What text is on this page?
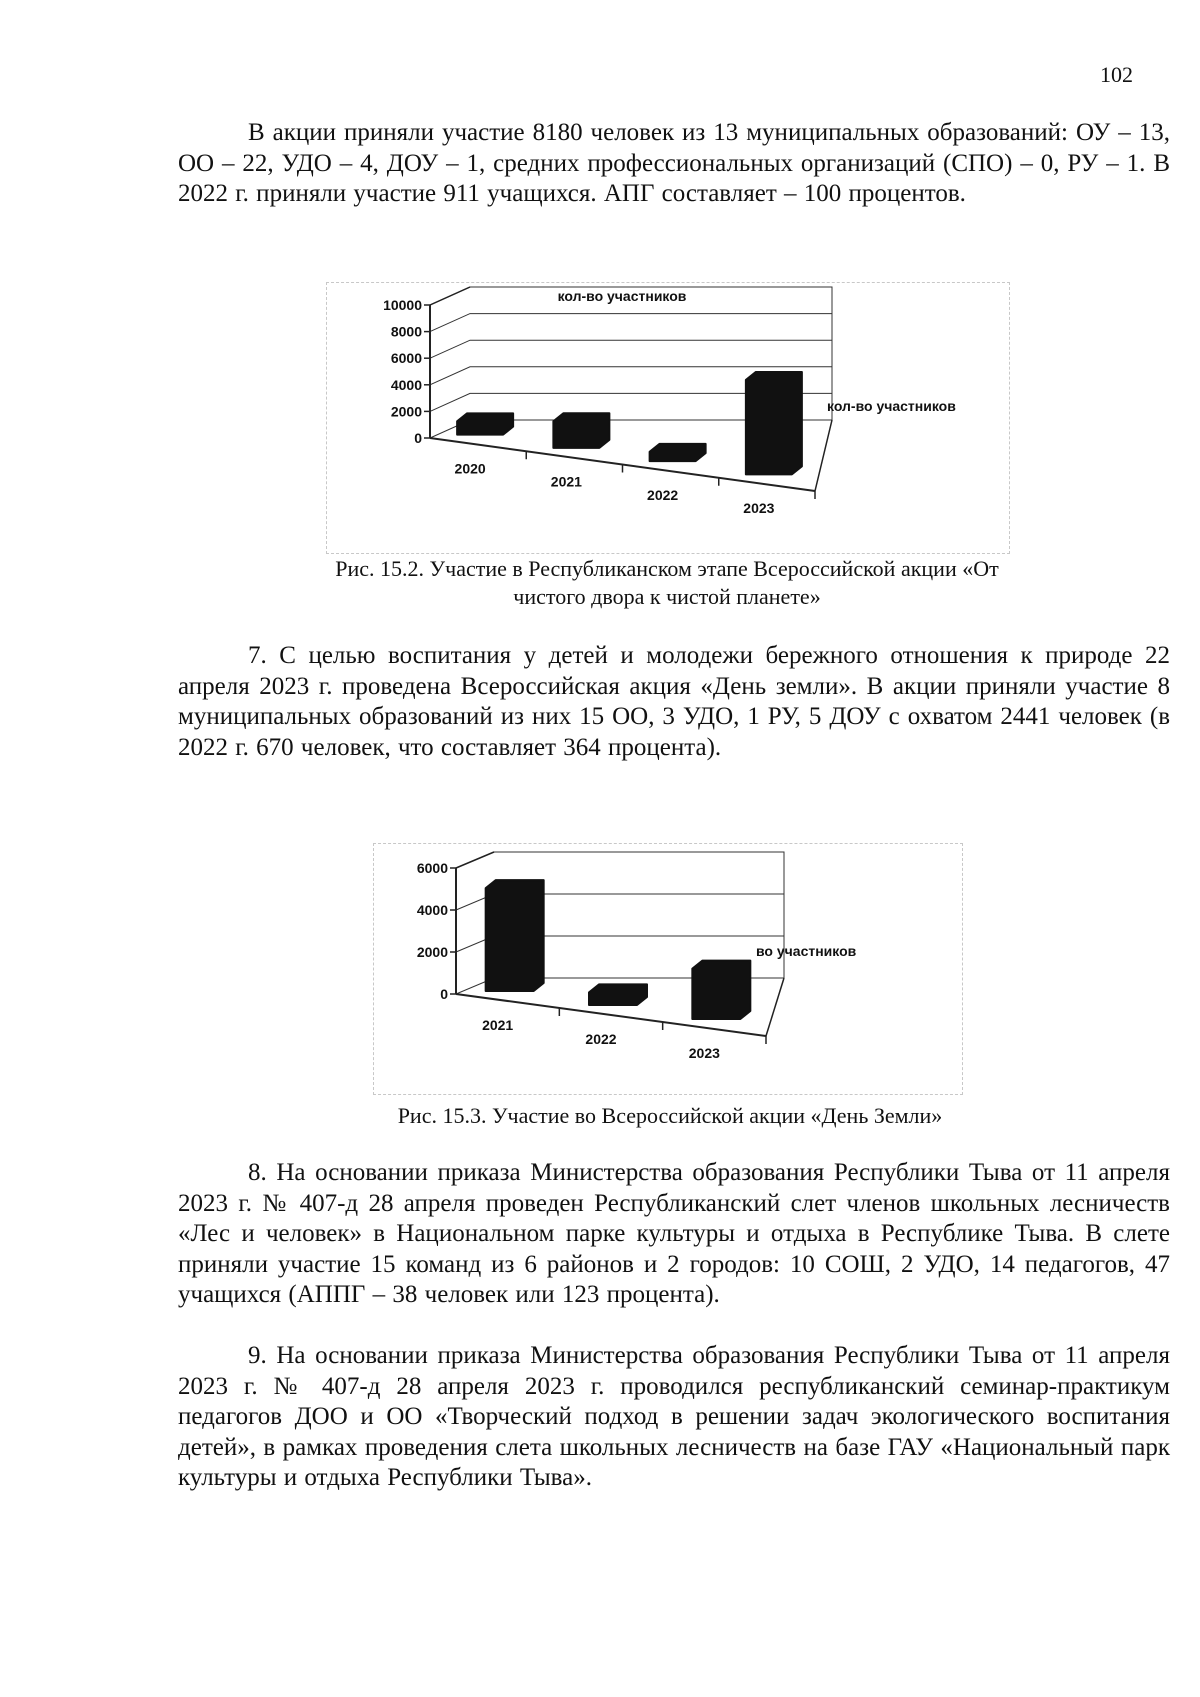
102

В акции приняли участие 8180 человек из 13 муниципальных образований: ОУ – 13, ОО – 22, УДО – 4, ДОУ – 1, средних профессиональных организаций (СПО) – 0, РУ – 1. В 2022 г. приняли участие 911 учащихся. АПГ составляет – 100 процентов.

0
2000
4000
6000
8000
10000
2020
2021
2022
2023
кол-во участников
кол-во участников
Рис. 15.2. Участие в Республиканском этапе Всероссийской акции «От чистого двора к чистой планете»

7. С целью воспитания у детей и молодежи бережного отношения к природе 22 апреля 2023 г. проведена Всероссийская акция «День земли». В акции приняли участие 8 муниципальных образований из них 15 ОО, 3 УДО, 1 РУ, 5 ДОУ с охватом 2441 человек (в 2022 г. 670 человек, что составляет 364 процента).

0
2000
4000
6000
2021
2022
2023
во участников
Рис. 15.3. Участие во Всероссийской акции «День Земли»

8. На основании приказа Министерства образования Республики Тыва от 11 апреля 2023 г. № 407-д 28 апреля проведен Республиканский слет членов школьных лесничеств «Лес и человек» в Национальном парке культуры и отдыха в Республике Тыва. В слете приняли участие 15 команд из 6 районов и 2 городов: 10 СОШ, 2 УДО, 14 педагогов, 47 учащихся (АППГ – 38 человек или 123 процента).

9. На основании приказа Министерства образования Республики Тыва от 11 апреля 2023 г. № 407-д 28 апреля 2023 г. проводился республиканский семинар-практикум педагогов ДОО и ОО «Творческий подход в решении задач экологического воспитания детей», в рамках проведения слета школьных лесничеств на базе ГАУ «Национальный парк культуры и отдыха Республики Тыва».
